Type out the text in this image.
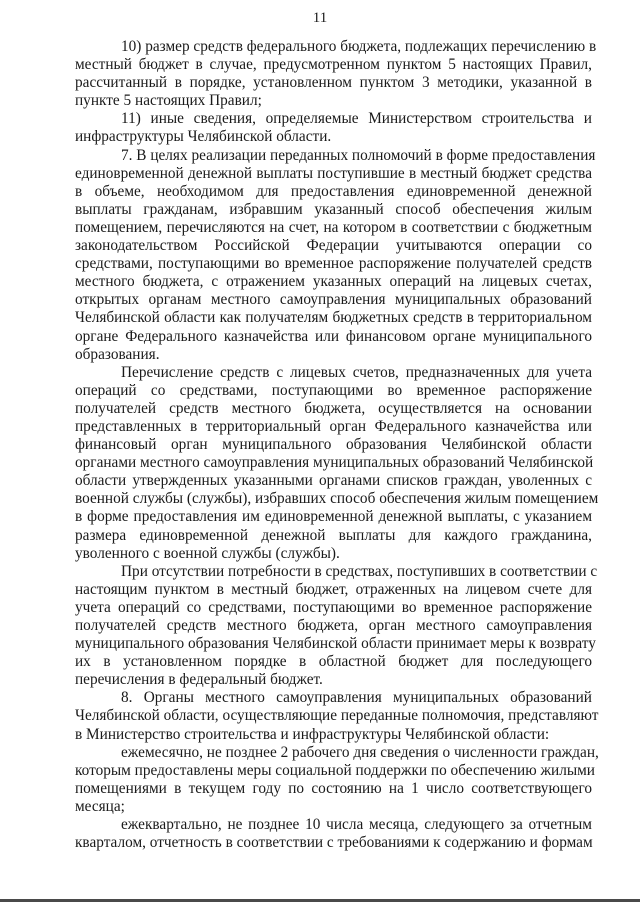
11
10) размер средств федерального бюджета, подлежащих перечислению в
местный бюджет в случае, предусмотренном пунктом 5 настоящих Правил,
рассчитанный в порядке, установленном пунктом 3 методики, указанной в
пункте 5 настоящих Правил;
11) иные сведения, определяемые Министерством строительства и
инфраструктуры Челябинской области.
7. В целях реализации переданных полномочий в форме предоставления
единовременной денежной выплаты поступившие в местный бюджет средства
в объеме, необходимом для предоставления единовременной денежной
выплаты гражданам, избравшим указанный способ обеспечения жилым
помещением, перечисляются на счет, на котором в соответствии с бюджетным
законодательством Российской Федерации учитываются операции со
средствами, поступающими во временное распоряжение получателей средств
местного бюджета, с отражением указанных операций на лицевых счетах,
открытых органам местного самоуправления муниципальных образований
Челябинской области как получателям бюджетных средств в территориальном
органе Федерального казначейства или финансовом органе муниципального
образования.
Перечисление средств с лицевых счетов, предназначенных для учета
операций со средствами, поступающими во временное распоряжение
получателей средств местного бюджета, осуществляется на основании
представленных в территориальный орган Федерального казначейства или
финансовый орган муниципального образования Челябинской области
органами местного самоуправления муниципальных образований Челябинской
области утвержденных указанными органами списков граждан, уволенных с
военной службы (службы), избравших способ обеспечения жилым помещением
в форме предоставления им единовременной денежной выплаты, с указанием
размера единовременной денежной выплаты для каждого гражданина,
уволенного с военной службы (службы).
При отсутствии потребности в средствах, поступивших в соответствии с
настоящим пунктом в местный бюджет, отраженных на лицевом счете для
учета операций со средствами, поступающими во временное распоряжение
получателей средств местного бюджета, орган местного самоуправления
муниципального образования Челябинской области принимает меры к возврату
их в установленном порядке в областной бюджет для последующего
перечисления в федеральный бюджет.
8. Органы местного самоуправления муниципальных образований
Челябинской области, осуществляющие переданные полномочия, представляют
в Министерство строительства и инфраструктуры Челябинской области:
ежемесячно, не позднее 2 рабочего дня сведения о численности граждан,
которым предоставлены меры социальной поддержки по обеспечению жилыми
помещениями в текущем году по состоянию на 1 число соответствующего
месяца;
ежеквартально, не позднее 10 числа месяца, следующего за отчетным
кварталом, отчетность в соответствии с требованиями к содержанию и формам
